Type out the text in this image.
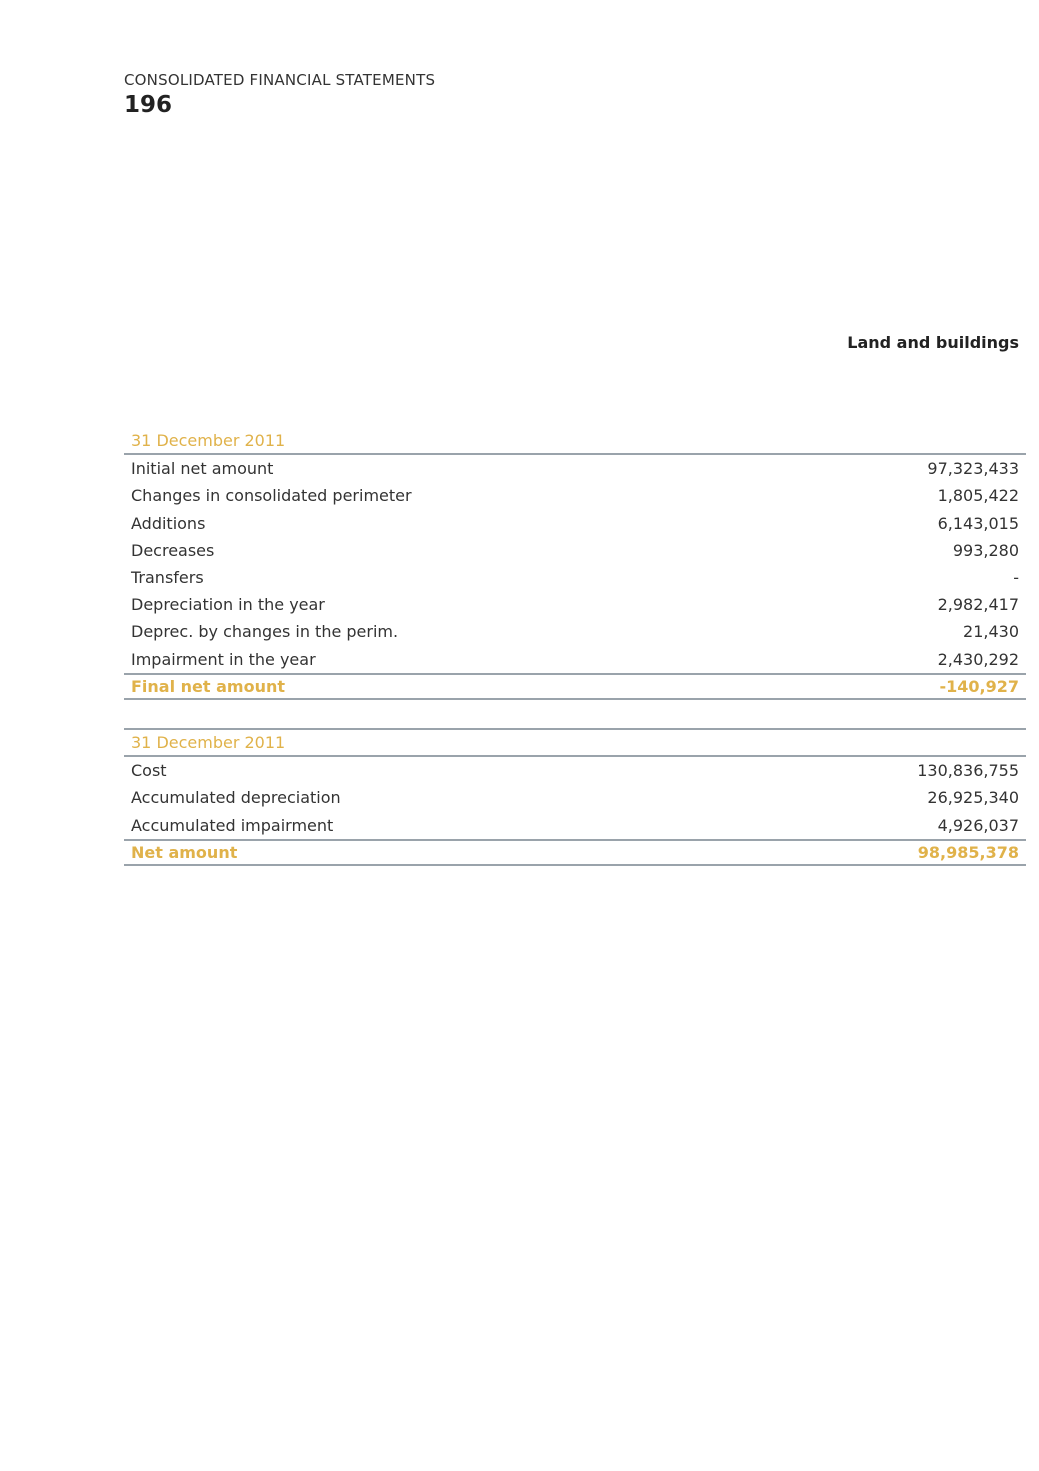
CONSOLIDATED FINANCIAL STATEMENTS
196
Land and buildings
31 December 2011
Initial net amount	97,323,433
Changes in consolidated perimeter	1,805,422
Additions	6,143,015
Decreases	993,280
Transfers	-
Depreciation in the year	2,982,417
Deprec. by changes in the perim.	21,430
Impairment in the year	2,430,292
Final net amount	-140,927
31 December 2011
Cost	130,836,755
Accumulated depreciation	26,925,340
Accumulated impairment	4,926,037
Net amount	98,985,378
